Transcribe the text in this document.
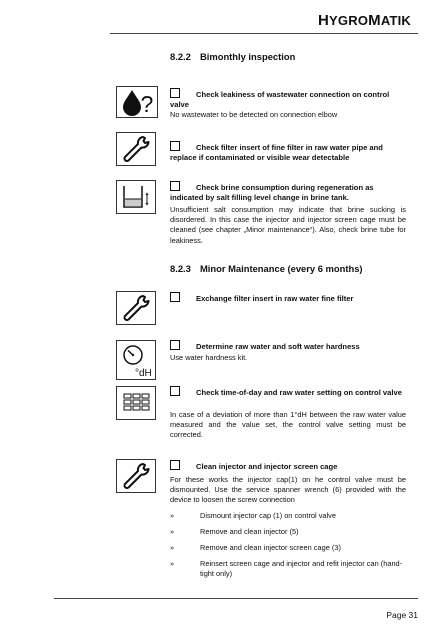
HYGROMATIK
8.2.2 Bimonthly inspection
?	Check leakiness of wastewater connection on control valve
No wastewater to be detected on connection elbow
Check filter insert of fine filter in raw water pipe and replace if contaminated or visible wear detectable
Check brine consumption during regeneration as indicated by salt filling level change in brine tank.
Unsufficient salt consumption may indicate that brine sucking is disordered. In this case the injector and injector screen cage must be cleaned (see chapter „Minor maintenance“). Also, check brine tube for leakiness.
8.2.3 Minor Maintenance (every 6 months)
Exchange filter insert in raw water fine filter
°dH
Determine raw water and soft water hardness
Use water hardness kit.
Check time-of-day and raw water setting on control valve
In case of a deviation of more than 1°dH between the raw water value measured and the value set, the control valve setting must be corrected.
Clean injector and injector screen cage
For these works the injector cap(1) on he control valve must be dismounted. Use the service spanner wrench (6) provided with the device to loosen the screw connection
»	Dismount injector cap (1) on control valve
»	Remove and clean injector (5)
»	Remove and clean injector screen cage (3)
»	Reinsert screen cage and injector and refit injector can (hand-tight only)
Page 31
